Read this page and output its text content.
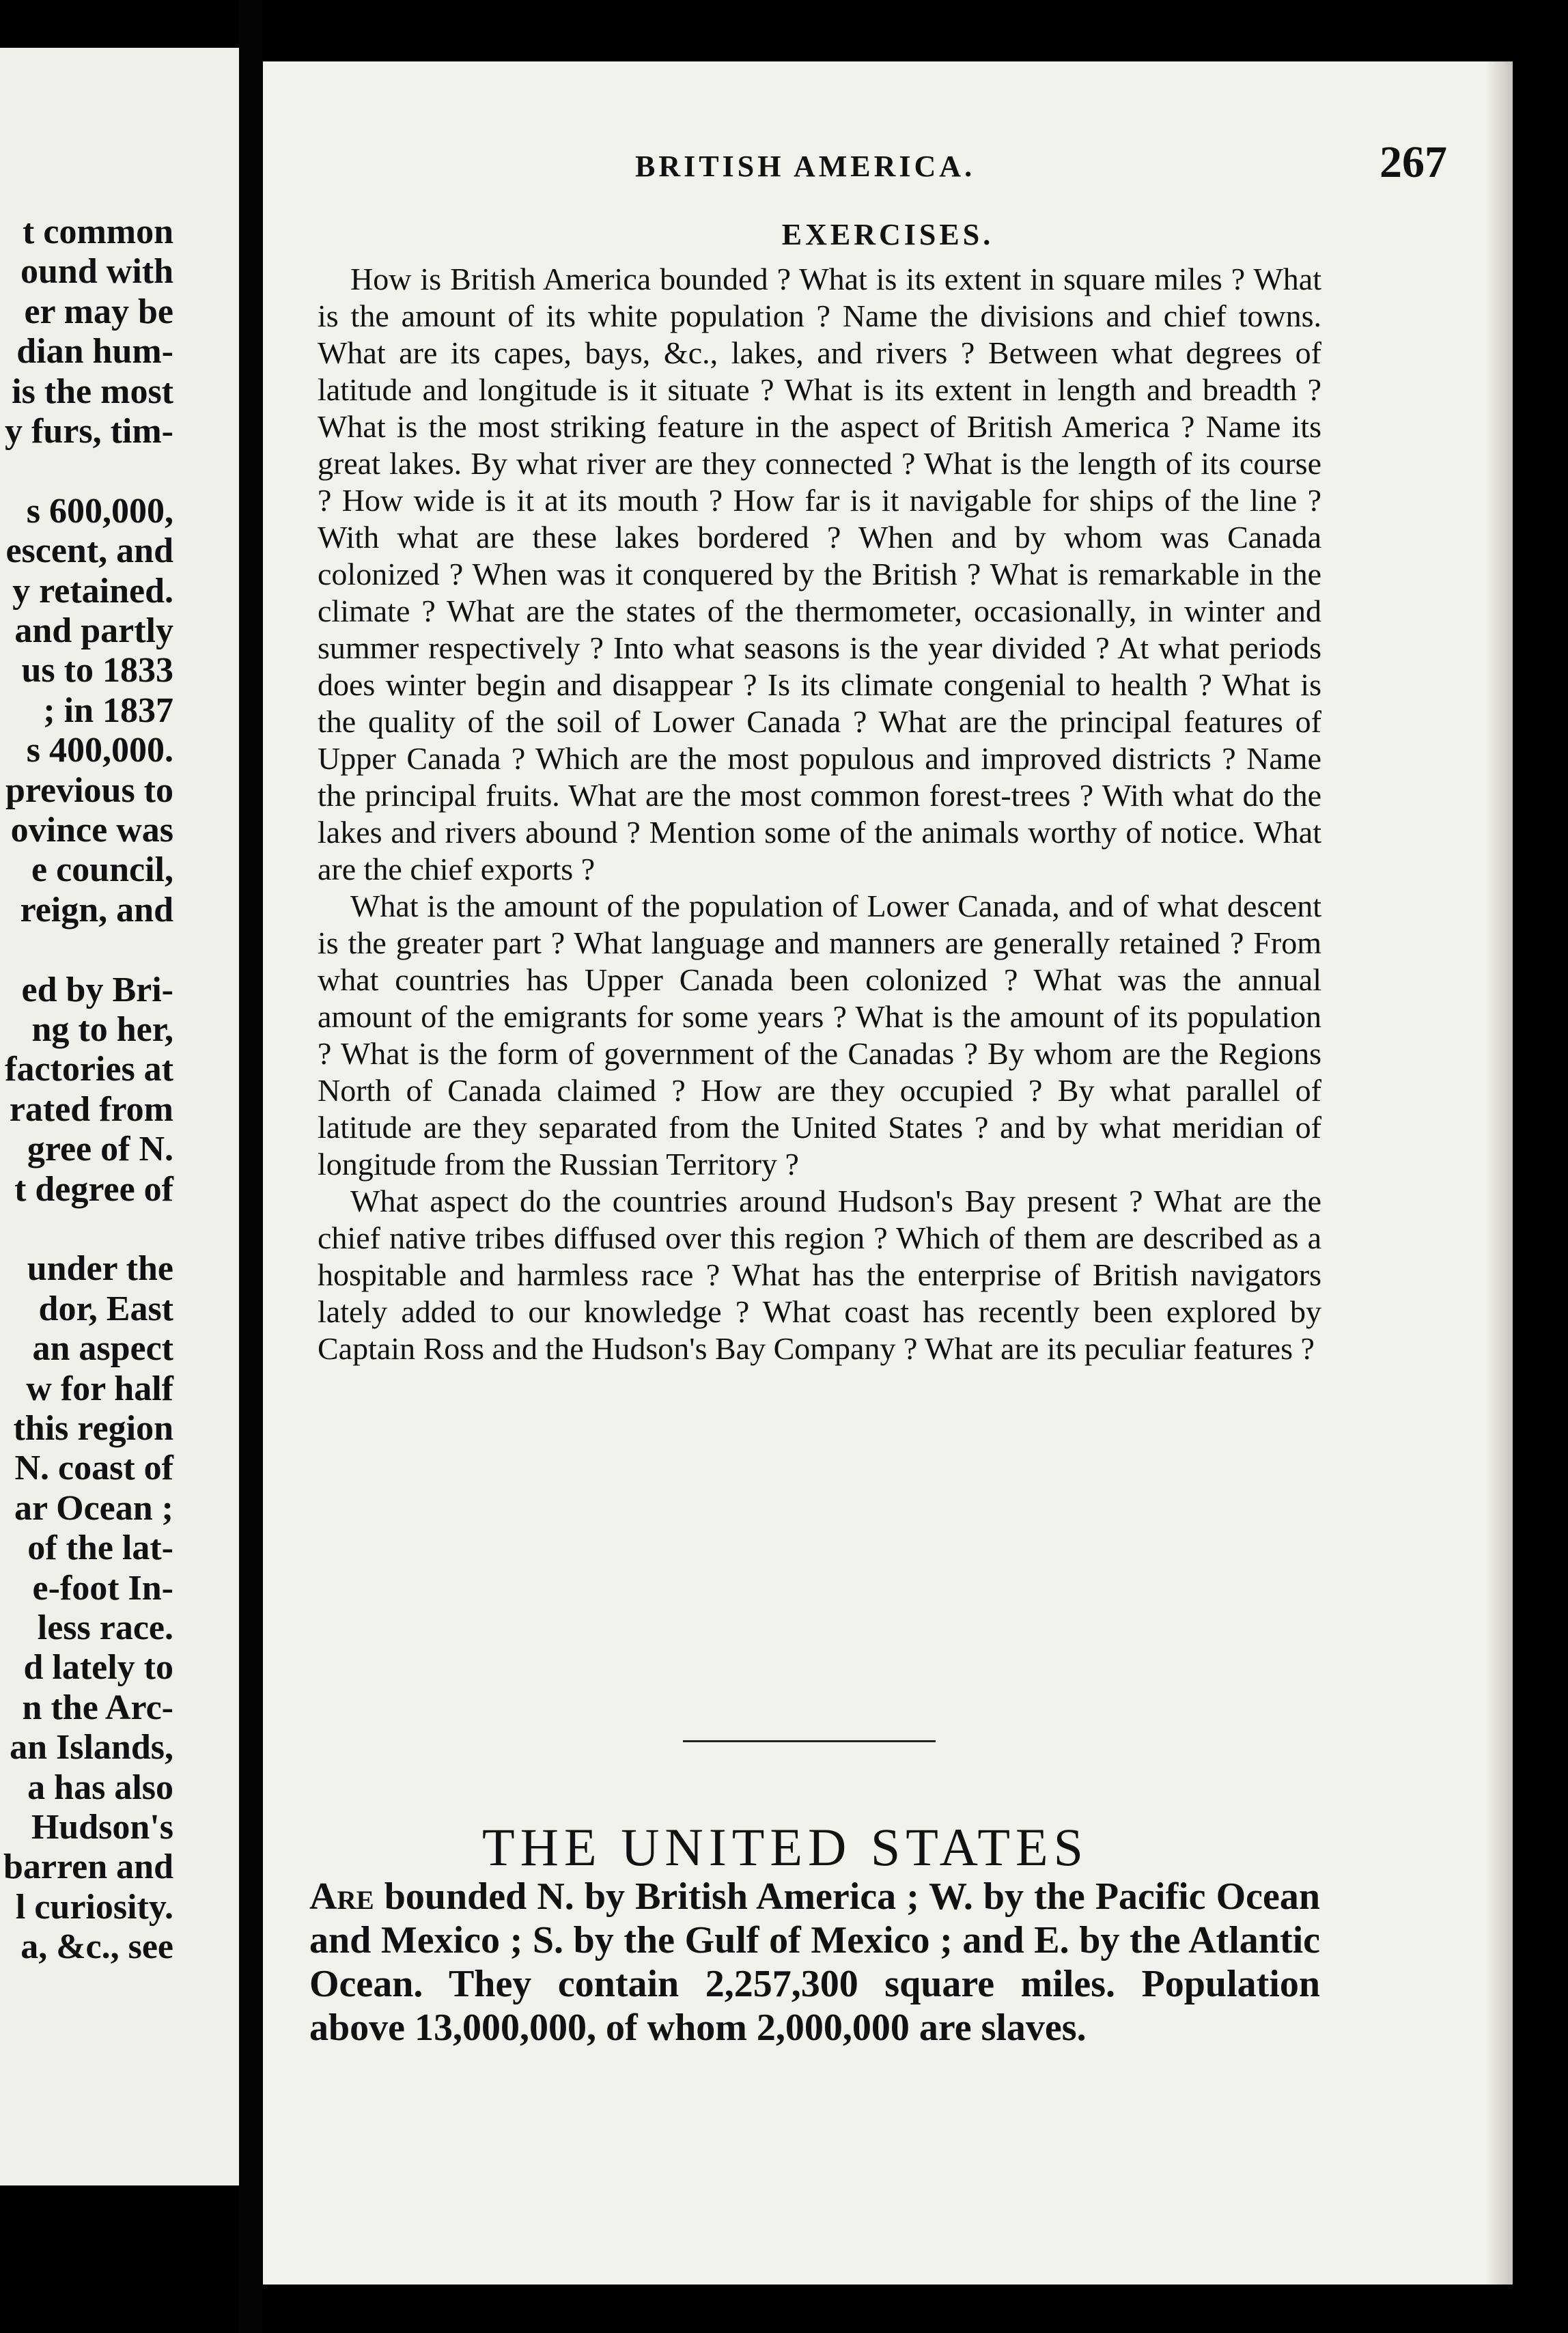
t common
ound with
er may be
dian hum-
is the most
y furs, tim-
s 600,000,
escent, and
y retained.
and partly
us to 1833
; in 1837
s 400,000.
previous to
ovince was
e council,
reign, and
ed by Bri-
ng to her,
factories at
rated from
gree of N.
t degree of
under the
dor, East
an aspect
w for half
this region
N. coast of
ar Ocean ;
of the lat-
e-foot In-
less race.
d lately to
n the Arc-
an Islands,
a has also
Hudson's
barren and
l curiosity.
a, &c., see
BRITISH AMERICA.	267
EXERCISES.

How is British America bounded ? What is its extent in square miles ? What is the amount of its white population ? Name the divisions and chief towns. What are its capes, bays, &c., lakes, and rivers ? Between what degrees of latitude and longitude is it situate ? What is its extent in length and breadth ? What is the most striking feature in the aspect of British America ? Name its great lakes. By what river are they connected ? What is the length of its course ? How wide is it at its mouth ? How far is it navigable for ships of the line ? With what are these lakes bordered ? When and by whom was Canada colonized ? When was it conquered by the British ? What is remarkable in the climate ? What are the states of the thermometer, occasionally, in winter and summer respectively ? Into what seasons is the year divided ? At what periods does winter begin and disappear ? Is its climate congenial to health ? What is the quality of the soil of Lower Canada ? What are the principal features of Upper Canada ? Which are the most populous and improved districts ? Name the principal fruits. What are the most common forest-trees ? With what do the lakes and rivers abound ? Mention some of the animals worthy of notice. What are the chief exports ?

What is the amount of the population of Lower Canada, and of what descent is the greater part ? What language and manners are generally retained ? From what countries has Upper Canada been colonized ? What was the annual amount of the emigrants for some years ? What is the amount of its population ? What is the form of government of the Canadas ? By whom are the Regions North of Canada claimed ? How are they occupied ? By what parallel of latitude are they separated from the United States ? and by what meridian of longitude from the Russian Territory ?

What aspect do the countries around Hudson's Bay present ? What are the chief native tribes diffused over this region ? Which of them are described as a hospitable and harmless race ? What has the enterprise of British navigators lately added to our knowledge ? What coast has recently been explored by Captain Ross and the Hudson's Bay Company ? What are its peculiar features ?

THE UNITED STATES

Are bounded N. by British America ; W. by the Pacific Ocean and Mexico ; S. by the Gulf of Mexico ; and E. by the Atlantic Ocean. They contain 2,257,300 square miles. Population above 13,000,000, of whom 2,000,000 are slaves.
